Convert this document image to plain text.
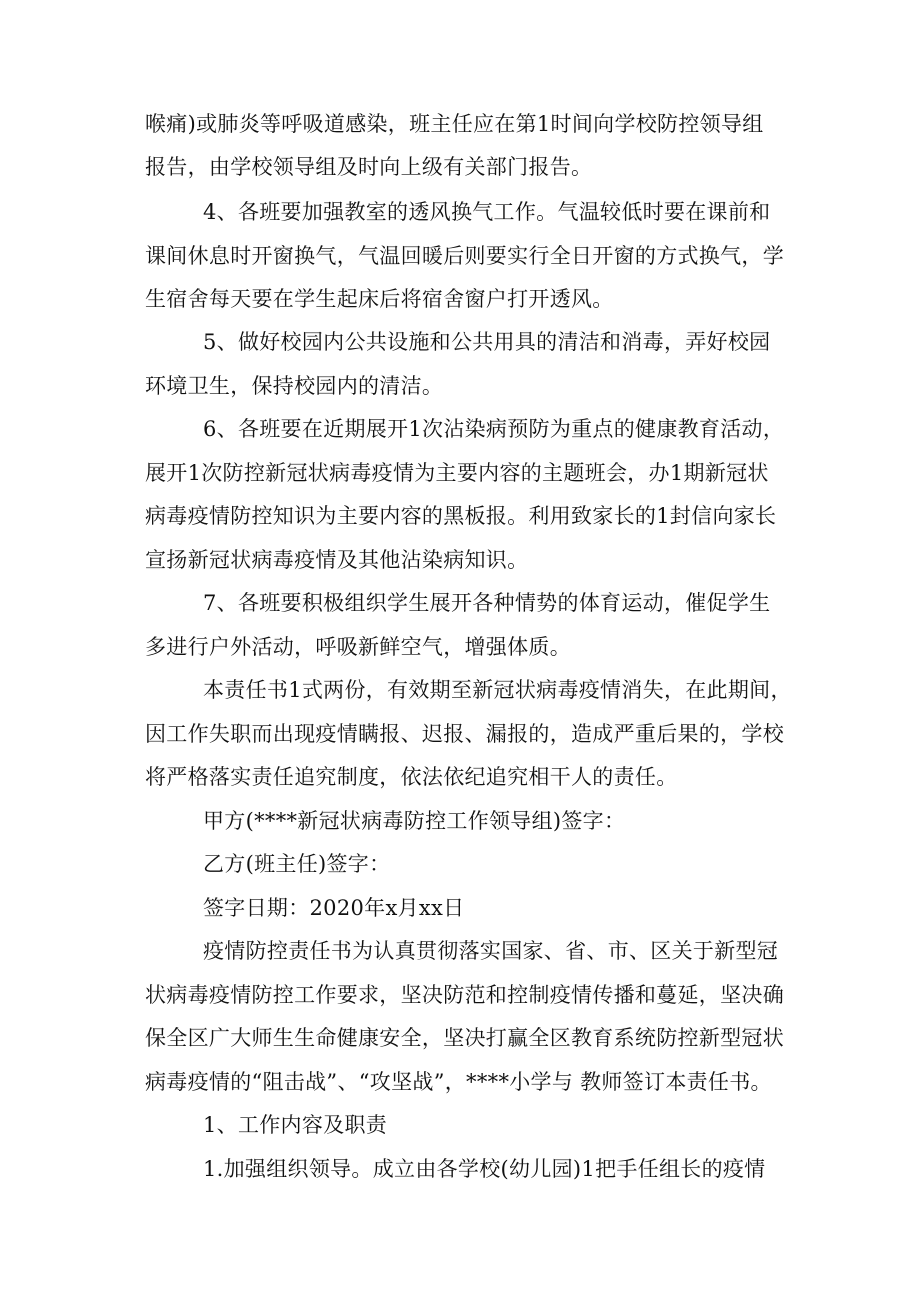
喉痛)或肺炎等呼吸道感染，班主任应在第1时间向学校防控领导组
报告，由学校领导组及时向上级有关部门报告。
4、各班要加强教室的透风换气工作。气温较低时要在课前和
课间休息时开窗换气，气温回暖后则要实行全日开窗的方式换气，学
生宿舍每天要在学生起床后将宿舍窗户打开透风。
5、做好校园内公共设施和公共用具的清洁和消毒，弄好校园
环境卫生，保持校园内的清洁。
6、各班要在近期展开1次沾染病预防为重点的健康教育活动，
展开1次防控新冠状病毒疫情为主要内容的主题班会，办1期新冠状
病毒疫情防控知识为主要内容的黑板报。利用致家长的1封信向家长
宣扬新冠状病毒疫情及其他沾染病知识。
7、各班要积极组织学生展开各种情势的体育运动，催促学生
多进行户外活动，呼吸新鲜空气，增强体质。
本责任书1式两份，有效期至新冠状病毒疫情消失，在此期间，
因工作失职而出现疫情瞒报、迟报、漏报的，造成严重后果的，学校
将严格落实责任追究制度，依法依纪追究相干人的责任。
甲方(****新冠状病毒防控工作领导组)签字：
乙方(班主任)签字：
签字日期：2020年x月xx日
疫情防控责任书为认真贯彻落实国家、省、市、区关于新型冠
状病毒疫情防控工作要求，坚决防范和控制疫情传播和蔓延，坚决确
保全区广大师生生命健康安全，坚决打赢全区教育系统防控新型冠状
病毒疫情的“阻击战”、“攻坚战”，****小学与 教师签订本责任书。
1、工作内容及职责
1.加强组织领导。成立由各学校(幼儿园)1把手任组长的疫情
